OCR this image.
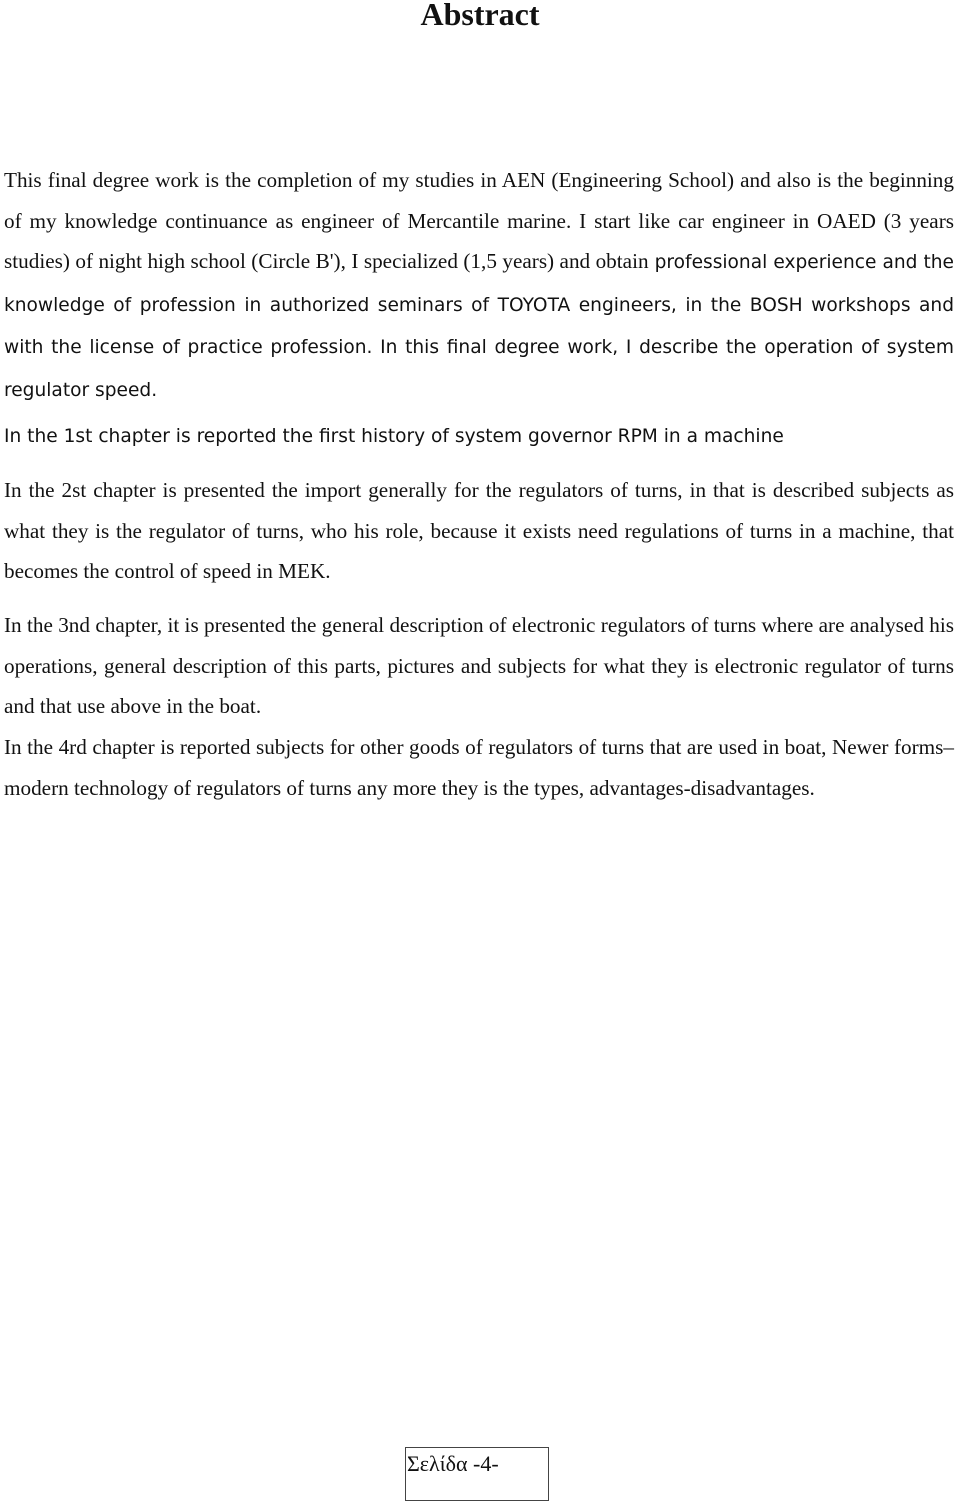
Abstract

This final degree work is the completion of my studies in AEN (Engineering School) and also is the beginning of my knowledge continuance as engineer of Mercantile marine. I start like car engineer in OAED (3 years studies) of night high school (Circle B'), I specialized (1,5 years) and obtain professional experience and the knowledge of profession in authorized seminars of TOYOTA engineers, in the BOSH workshops and with the license of practice profession. In this final degree work, I describe the operation of system regulator speed.

In the 1st chapter is reported the first history of system governor RPM in a machine

In the 2st chapter is presented the import generally for the regulators of turns, in that is described subjects as what they is the regulator of turns, who his role, because it exists need regulations of turns in a machine, that becomes the control of speed in MEK.

In the 3nd chapter, it is presented the general description of electronic regulators of turns where are analysed his operations, general description of this parts, pictures and subjects for what they is electronic regulator of turns and that use above in the boat.

In the 4rd chapter is reported subjects for other goods of regulators of turns that are used in boat, Newer forms–modern technology of regulators of turns any more they is the types, advantages-disadvantages.

Σελίδα -4-
